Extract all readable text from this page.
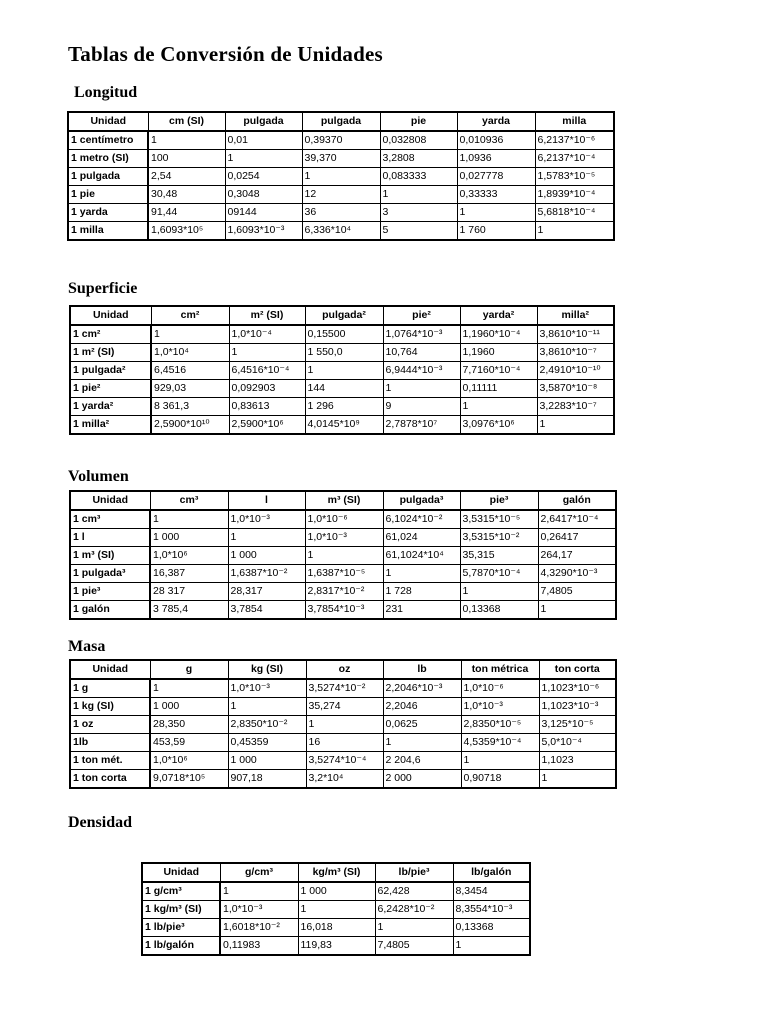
Tablas de Conversión de Unidades
Longitud
Unidad	cm (SI)	pulgada	pulgada	pie	yarda	milla
1 centímetro	1	0,01	0,39370	0,032808	0,010936	6,2137*10⁻⁶
1 metro (SI)	100	1	39,370	3,2808	1,0936	6,2137*10⁻⁴
1 pulgada	2,54	0,0254	1	0,083333	0,027778	1,5783*10⁻⁵
1 pie	30,48	0,3048	12	1	0,33333	1,8939*10⁻⁴
1 yarda	91,44	09144	36	3	1	5,6818*10⁻⁴
1 milla	1,6093*10⁵	1,6093*10⁻³	6,336*10⁴	5	1 760	1
Superficie
Unidad	cm²	m² (SI)	pulgada²	pie²	yarda²	milla²
1 cm²	1	1,0*10⁻⁴	0,15500	1,0764*10⁻³	1,1960*10⁻⁴	3,8610*10⁻¹¹
1 m² (SI)	1,0*10⁴	1	1 550,0	10,764	1,1960	3,8610*10⁻⁷
1 pulgada²	6,4516	6,4516*10⁻⁴	1	6,9444*10⁻³	7,7160*10⁻⁴	2,4910*10⁻¹⁰
1 pie²	929,03	0,092903	144	1	0,11111	3,5870*10⁻⁸
1 yarda²	8 361,3	0,83613	1 296	9	1	3,2283*10⁻⁷
1 milla²	2,5900*10¹⁰	2,5900*10⁶	4,0145*10⁹	2,7878*10⁷	3,0976*10⁶	1
Volumen
Unidad	cm³	l	m³ (SI)	pulgada³	pie³	galón
1 cm³	1	1,0*10⁻³	1,0*10⁻⁶	6,1024*10⁻²	3,5315*10⁻⁵	2,6417*10⁻⁴
1 l	1 000	1	1,0*10⁻³	61,024	3,5315*10⁻²	0,26417
1 m³ (SI)	1,0*10⁶	1 000	1	61,1024*10⁴	35,315	264,17
1 pulgada³	16,387	1,6387*10⁻²	1,6387*10⁻⁵	1	5,7870*10⁻⁴	4,3290*10⁻³
1 pie³	28 317	28,317	2,8317*10⁻²	1 728	1	7,4805
1 galón	3 785,4	3,7854	3,7854*10⁻³	231	0,13368	1
Masa
Unidad	g	kg (SI)	oz	lb	ton métrica	ton corta
1 g	1	1,0*10⁻³	3,5274*10⁻²	2,2046*10⁻³	1,0*10⁻⁶	1,1023*10⁻⁶
1 kg (SI)	1 000	1	35,274	2,2046	1,0*10⁻³	1,1023*10⁻³
1 oz	28,350	2,8350*10⁻²	1	0,0625	2,8350*10⁻⁵	3,125*10⁻⁵
1lb	453,59	0,45359	16	1	4,5359*10⁻⁴	5,0*10⁻⁴
1 ton mét.	1,0*10⁶	1 000	3,5274*10⁻⁴	2 204,6	1	1,1023
1 ton corta	9,0718*10⁵	907,18	3,2*10⁴	2 000	0,90718	1
Densidad
Unidad	g/cm³	kg/m³ (SI)	lb/pie³	lb/galón
1 g/cm³	1	1 000	62,428	8,3454
1 kg/m³ (SI)	1,0*10⁻³	1	6,2428*10⁻²	8,3554*10⁻³
1 lb/pie³	1,6018*10⁻²	16,018	1	0,13368
1 lb/galón	0,11983	119,83	7,4805	1
